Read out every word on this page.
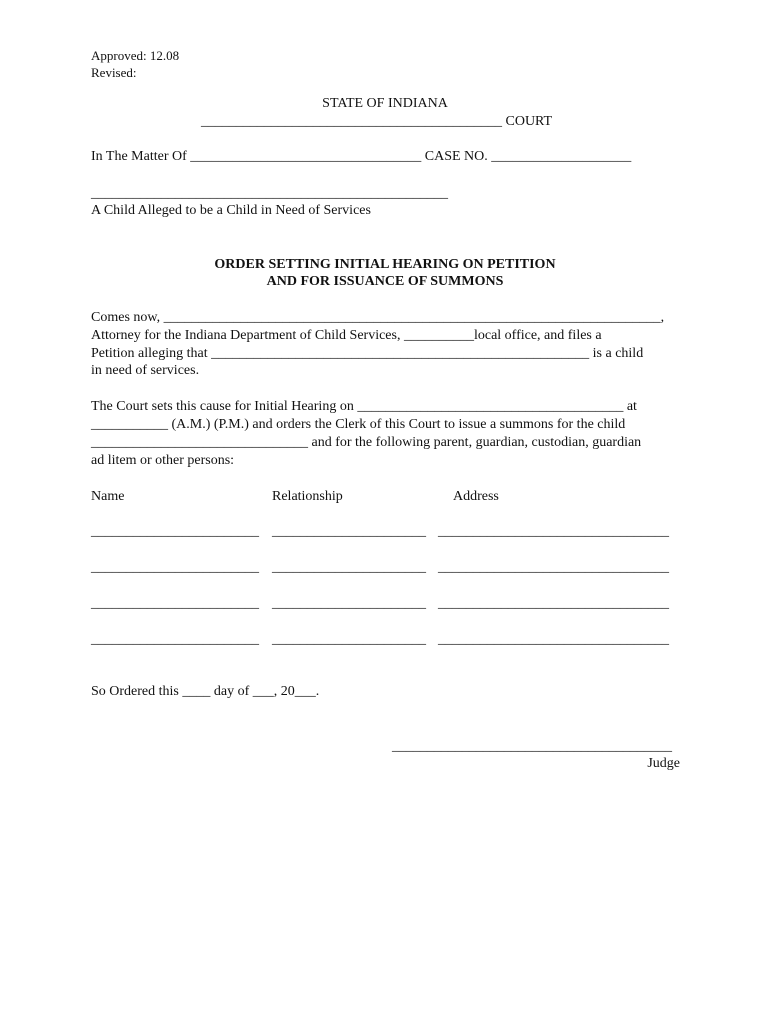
Approved: 12.08
Revised:
STATE OF INDIANA
___________________________________________ COURT
In The Matter Of _________________________________ CASE NO. ____________________
___________________________________________________
A Child Alleged to be a Child in Need of Services
ORDER SETTING INITIAL HEARING ON PETITION
AND FOR ISSUANCE OF SUMMONS
Comes now, _______________________________________________________________________,
Attorney for the Indiana Department of Child Services, __________local office, and files a
Petition alleging that ______________________________________________________ is a child
in need of services.
The Court sets this cause for Initial Hearing on ______________________________________ at
___________ (A.M.) (P.M.) and orders the Clerk of this Court to issue a summons for the child
_______________________________ and for the following parent, guardian, custodian, guardian
ad litem or other persons:
Name	Relationship	Address
________________________ ______________________ _________________________________
________________________ ______________________ _________________________________
________________________ ______________________ _________________________________
________________________ ______________________ _________________________________
So Ordered this ____ day of ___, 20___.
________________________________________
Judge
